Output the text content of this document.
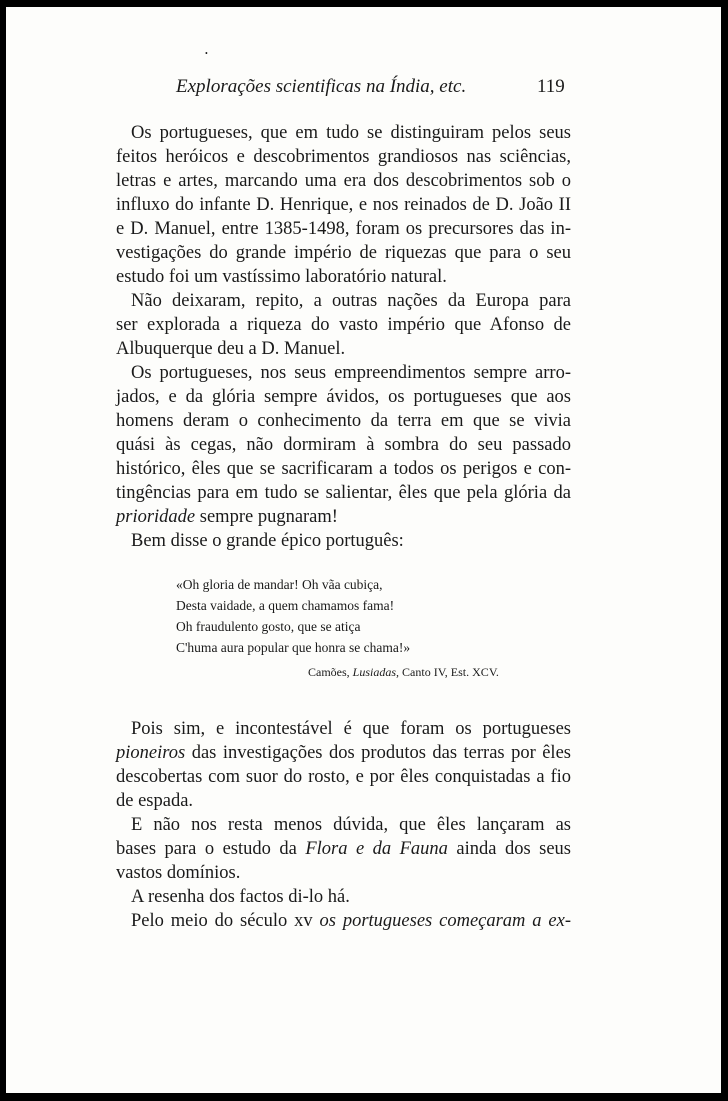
•
Explorações scientificas na Índia, etc.	119

Os portugueses, que em tudo se distinguiram pelos seus

feitos heróicos e descobrimentos grandiosos nas sciências,

letras e artes, marcando uma era dos descobrimentos sob o

influxo do infante D. Henrique, e nos reinados de D. João II

e D. Manuel, entre 1385-1498, foram os precursores das in-

vestigações do grande império de riquezas que para o seu

estudo foi um vastíssimo laboratório natural.

Não deixaram, repito, a outras nações da Europa para

ser explorada a riqueza do vasto império que Afonso de

Albuquerque deu a D. Manuel.

Os portugueses, nos seus empreendimentos sempre arro-

jados, e da glória sempre ávidos, os portugueses que aos

homens deram o conhecimento da terra em que se vivia

quási às cegas, não dormiram à sombra do seu passado

histórico, êles que se sacrificaram a todos os perigos e con-

tingências para em tudo se salientar, êles que pela glória da

prioridade sempre pugnaram!

Bem disse o grande épico português:

«Oh gloria de mandar! Oh vãa cubiça,

Desta vaidade, a quem chamamos fama!

Oh fraudulento gosto, que se atiça

C'huma aura popular que honra se chama!»

Camões, Lusiadas, Canto IV, Est. XCV.

Pois sim, e incontestável é que foram os portugueses

pioneiros das investigações dos produtos das terras por êles

descobertas com suor do rosto, e por êles conquistadas a fio

de espada.

E não nos resta menos dúvida, que êles lançaram as

bases para o estudo da Flora e da Fauna ainda dos seus

vastos domínios.

A resenha dos factos di-lo há.

Pelo meio do século xv os portugueses começaram a ex-
